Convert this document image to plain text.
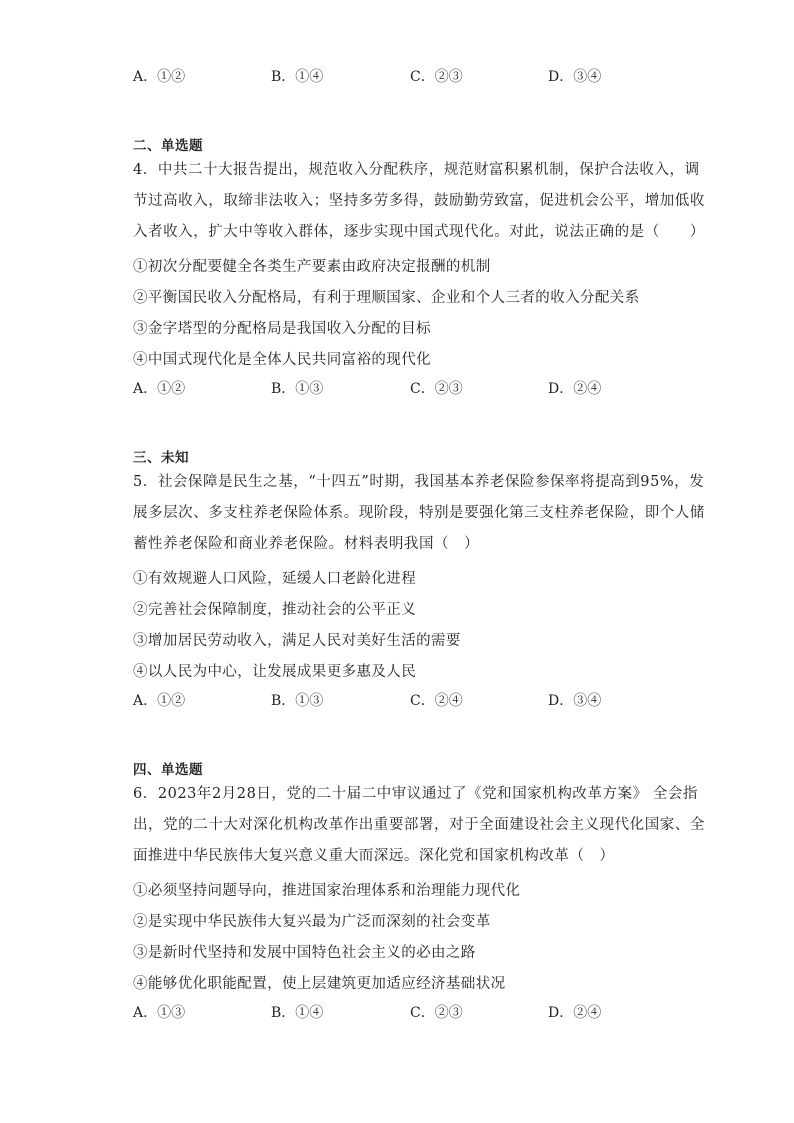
A．①②	B．①④	C．②③	D．③④
二、单选题
4．中共二十大报告提出，规范收入分配秩序，规范财富积累机制，保护合法收入，调
节过高收入，取缔非法收入；坚持多劳多得，鼓励勤劳致富，促进机会公平，增加低收
入者收入，扩大中等收入群体，逐步实现中国式现代化。对此，说法正确的是（　　）
①初次分配要健全各类生产要素由政府决定报酬的机制
②平衡国民收入分配格局，有利于理顺国家、企业和个人三者的收入分配关系
③金字塔型的分配格局是我国收入分配的目标
④中国式现代化是全体人民共同富裕的现代化
A．①②	B．①③	C．②③	D．②④
三、未知
5．社会保障是民生之基，“十四五”时期，我国基本养老保险参保率将提高到95%，发
展多层次、多支柱养老保险体系。现阶段，特别是要强化第三支柱养老保险，即个人储
蓄性养老保险和商业养老保险。材料表明我国（　）
①有效规避人口风险，延缓人口老龄化进程
②完善社会保障制度，推动社会的公平正义
③增加居民劳动收入，满足人民对美好生活的需要
④以人民为中心，让发展成果更多惠及人民
A．①②	B．①③	C．②④	D．③④
四、单选题
6．2023年2月28日，党的二十届二中审议通过了《党和国家机构改革方案》 全会指
出，党的二十大对深化机构改革作出重要部署，对于全面建设社会主义现代化国家、全
面推进中华民族伟大复兴意义重大而深远。深化党和国家机构改革（　）
①必须坚持问题导向，推进国家治理体系和治理能力现代化
②是实现中华民族伟大复兴最为广泛而深刻的社会变革
③是新时代坚持和发展中国特色社会主义的必由之路
④能够优化职能配置，使上层建筑更加适应经济基础状况
A．①③	B．①④	C．②③	D．②④
